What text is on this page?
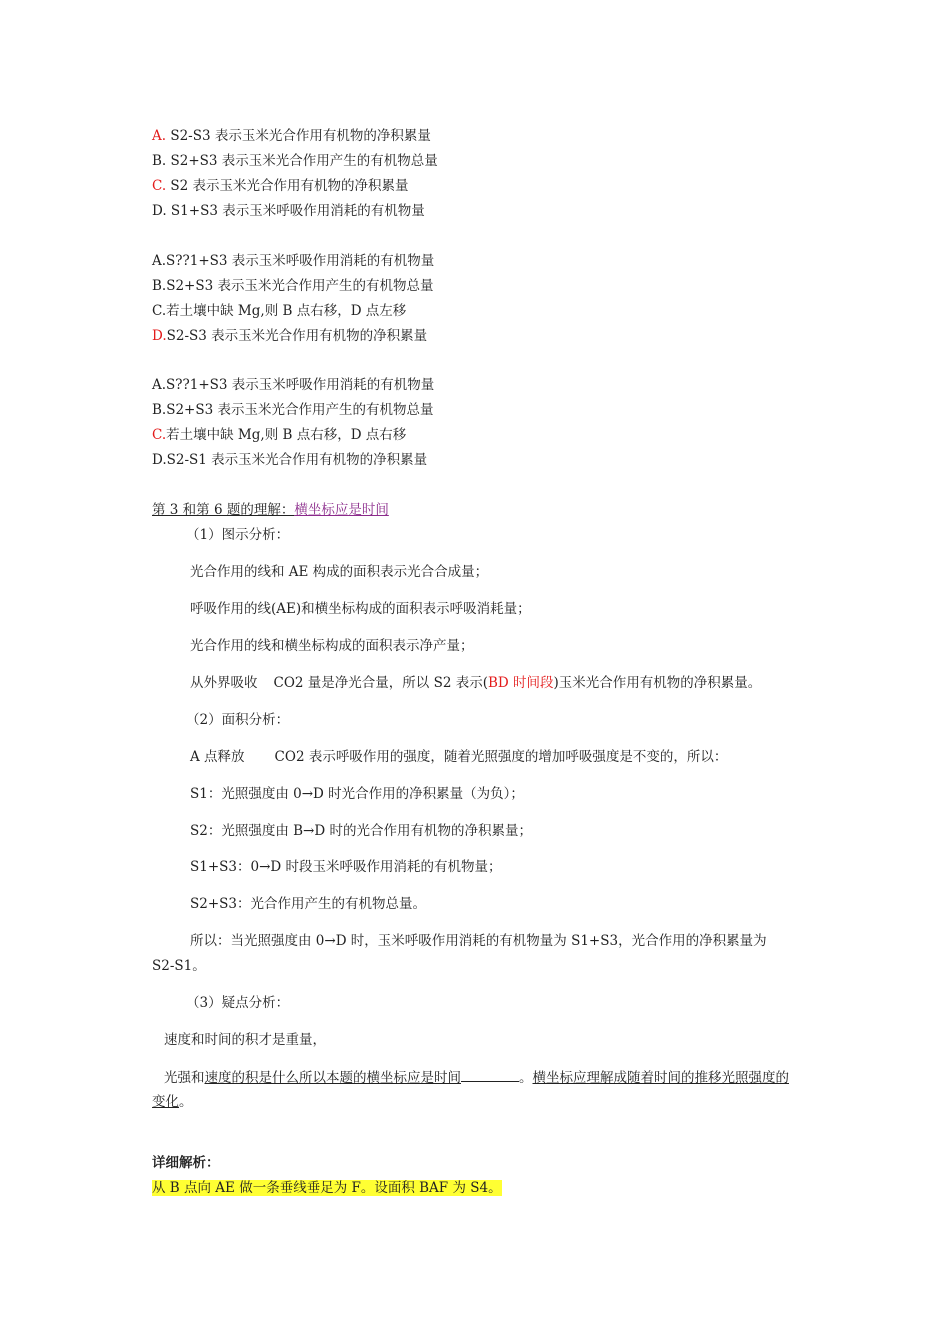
A. S2-S3 表示玉米光合作用有机物的净积累量
B. S2+S3 表示玉米光合作用产生的有机物总量
C. S2 表示玉米光合作用有机物的净积累量
D. S1+S3 表示玉米呼吸作用消耗的有机物量
A.S??1+S3 表示玉米呼吸作用消耗的有机物量
B.S2+S3 表示玉米光合作用产生的有机物总量
C.若土壤中缺 Mg,则 B 点右移，D 点左移
D.S2-S3 表示玉米光合作用有机物的净积累量
A.S??1+S3 表示玉米呼吸作用消耗的有机物量
B.S2+S3 表示玉米光合作用产生的有机物总量
C.若土壤中缺 Mg,则 B 点右移，D 点右移
D.S2-S1 表示玉米光合作用有机物的净积累量
第 3 和第 6 题的理解：横坐标应是时间
（1）图示分析：
光合作用的线和 AE 构成的面积表示光合合成量；
呼吸作用的线(AE)和横坐标构成的面积表示呼吸消耗量；
光合作用的线和横坐标构成的面积表示净产量；
从外界吸收 CO2 量是净光合量，所以 S2 表示(BD 时间段)玉米光合作用有机物的净积累量。
（2）面积分析：
A 点释放 CO2 表示呼吸作用的强度，随着光照强度的增加呼吸强度是不变的，所以：
S1：光照强度由 0→D 时光合作用的净积累量（为负）；
S2：光照强度由 B→D 时的光合作用有机物的净积累量；
S1+S3：0→D 时段玉米呼吸作用消耗的有机物量；
S2+S3：光合作用产生的有机物总量。
所以：当光照强度由 0→D 时，玉米呼吸作用消耗的有机物量为 S1+S3，光合作用的净积累量为
S2-S1。
（3）疑点分析：
速度和时间的积才是重量，
光强和速度的积是什么所以本题的横坐标应是时间	。横坐标应理解成随着时间的推移光照强度的
变化。
详细解析：
从 B 点向 AE 做一条垂线垂足为 F。设面积 BAF 为 S4。
